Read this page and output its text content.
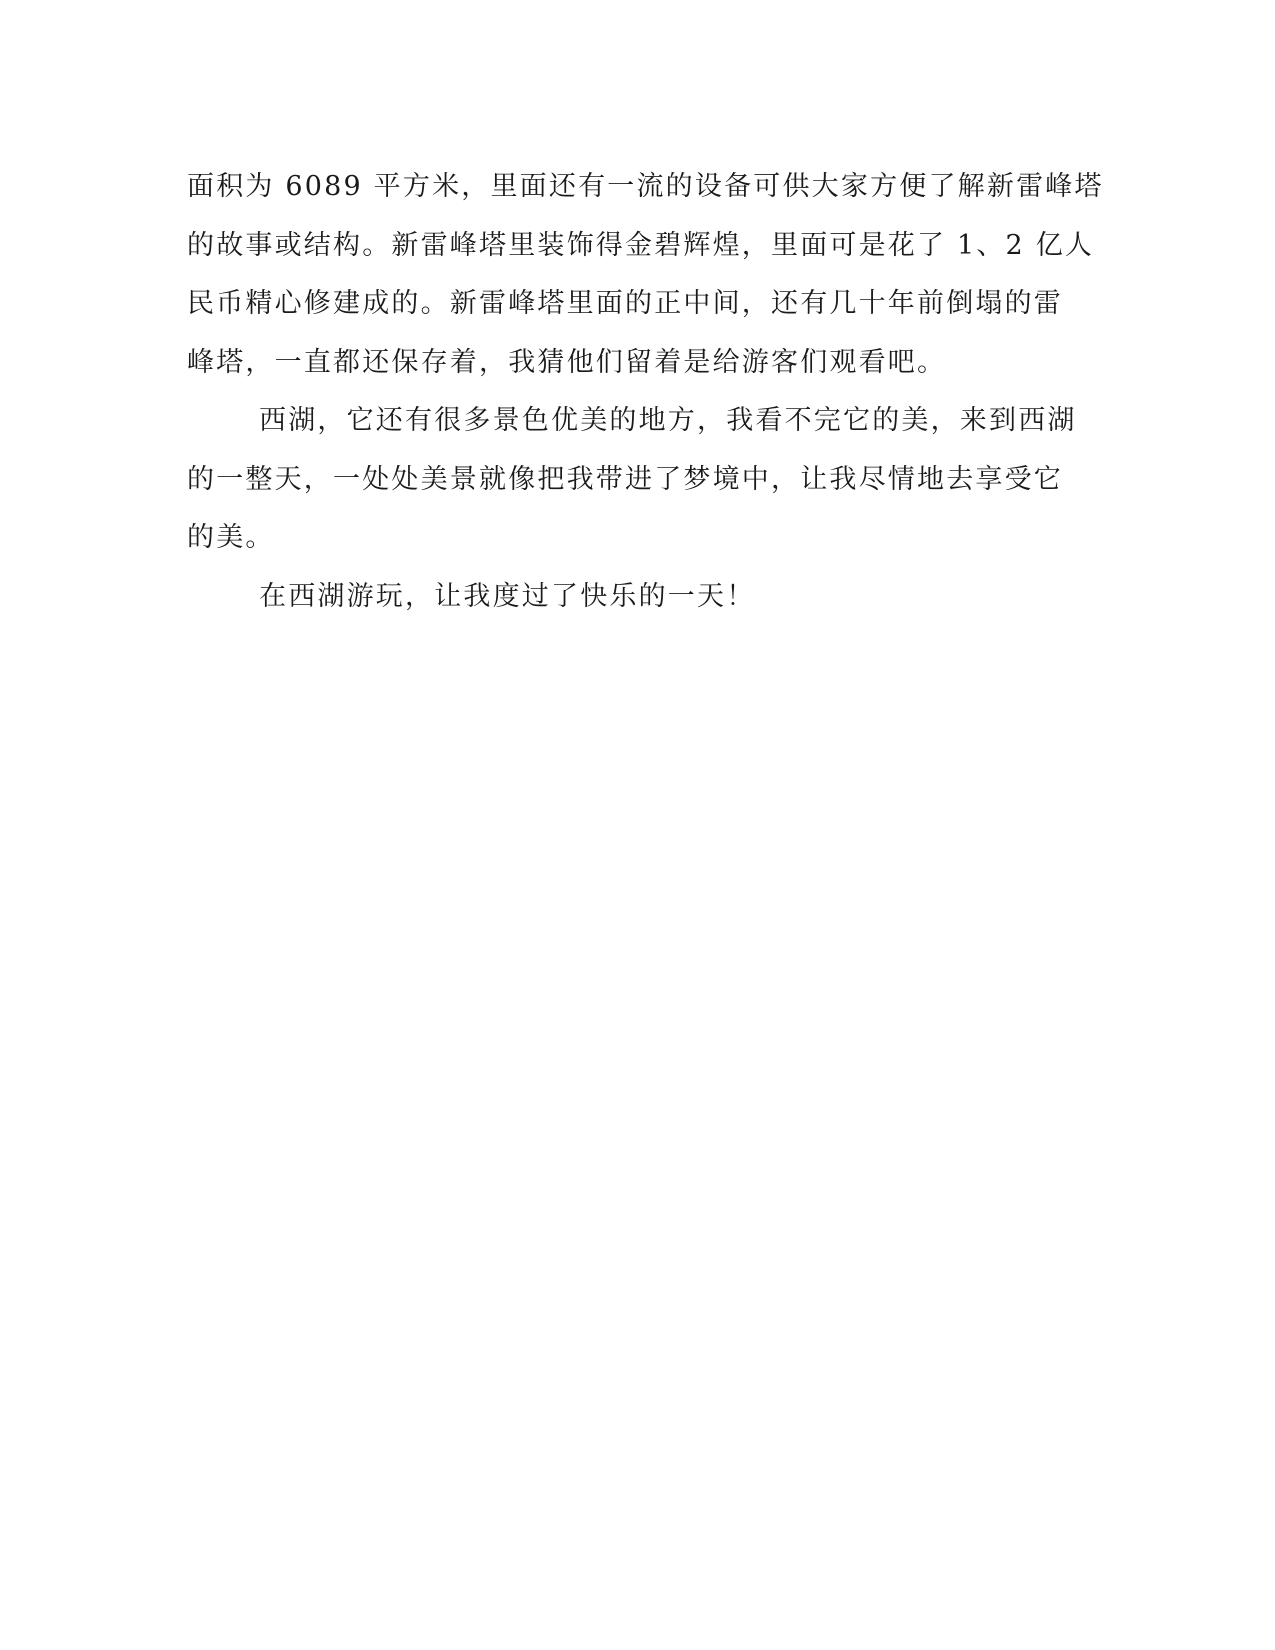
面积为 6089 平方米，里面还有一流的设备可供大家方便了解新雷峰塔
的故事或结构。新雷峰塔里装饰得金碧辉煌，里面可是花了 1、2 亿人
民币精心修建成的。新雷峰塔里面的正中间，还有几十年前倒塌的雷
峰塔，一直都还保存着，我猜他们留着是给游客们观看吧。
西湖，它还有很多景色优美的地方，我看不完它的美，来到西湖
的一整天，一处处美景就像把我带进了梦境中，让我尽情地去享受它
的美。
在西湖游玩，让我度过了快乐的一天！
